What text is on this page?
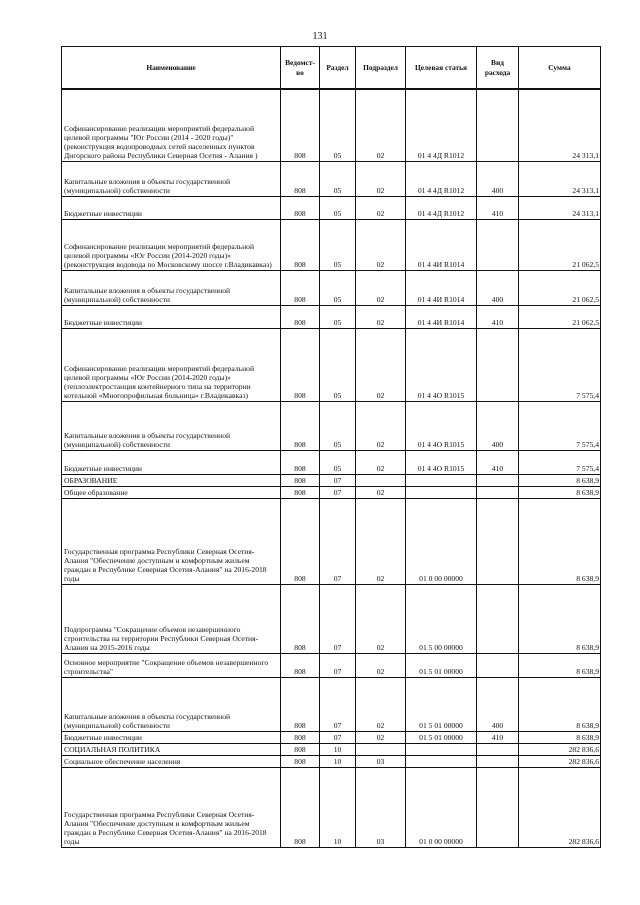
131
Наименование	Ведомст-во	Раздел	Подраздел	Целевая статья	Вид расхода	Сумма
Софинансирование реализации мероприятий федеральной целевой программы "Юг России (2014 - 2020 годы)" (реконструкция водопроводных сетей населенных пунктов Дигорского района Республики Северная Осетия - Алания )	808	05	02	01 4 4Д R1012		24 313,1
Капитальные вложения в объекты государственной (муниципальной) собственности	808	05	02	01 4 4Д R1012	400	24 313,1
Бюджетные инвестиции	808	05	02	01 4 4Д R1012	410	24 313,1
Софинансирование реализации мероприятий федеральной целевой программы «Юг России (2014-2020 годы)» (реконструкция водовода по Московскому шоссе г.Владикавказ)	808	05	02	01 4 4И R1014		21 062,5
Капитальные вложения в объекты государственной (муниципальной) собственности	808	05	02	01 4 4И R1014	400	21 062,5
Бюджетные инвестиции	808	05	02	01 4 4И R1014	410	21 062,5
Софинансирование реализации мероприятий федеральной целевой программы «Юг России (2014-2020 годы)» (теплоэлектростанция контейнерного типа на территории котельной «Многопрофильная больница» г.Владикавказ)	808	05	02	01 4 4О R1015		7 575,4
Капитальные вложения в объекты государственной (муниципальной) собственности	808	05	02	01 4 4О R1015	400	7 575,4
Бюджетные инвестиции	808	05	02	01 4 4О R1015	410	7 575,4
ОБРАЗОВАНИЕ	808	07				8 638,9
Общее образование	808	07	02			8 638,9
Государственная программа Республики Северная Осетия-Алания "Обеспечение доступным и комфортным жильем граждан в Республике Северная Осетия-Алания" на 2016-2018 годы	808	07	02	01 0 00 00000		8 638,9
Подпрограмма "Сокращение объемов незавершенного строительства на территории Республики Северная Осетия-Алания на 2015-2016 годы	808	07	02	01 5 00 00000		8 638,9
Основное мероприятие "Сокращение объемов незавершенного строительства"	808	07	02	01 5 01 00000		8 638,9
Капитальные вложения в объекты государственной (муниципальной) собственности	808	07	02	01 5 01 00000	400	8 638,9
Бюджетные инвестиции	808	07	02	01 5 01 00000	410	8 638,9
СОЦИАЛЬНАЯ ПОЛИТИКА	808	10				282 836,6
Социальное обеспечение населения	808	10	03			282 836,6
Государственная программа Республики Северная Осетия-Алания "Обеспечение доступным и комфортным жильем граждан в Республике Северная Осетия-Алания" на 2016-2018 годы	808	10	03	01 0 00 00000		282 836,6
